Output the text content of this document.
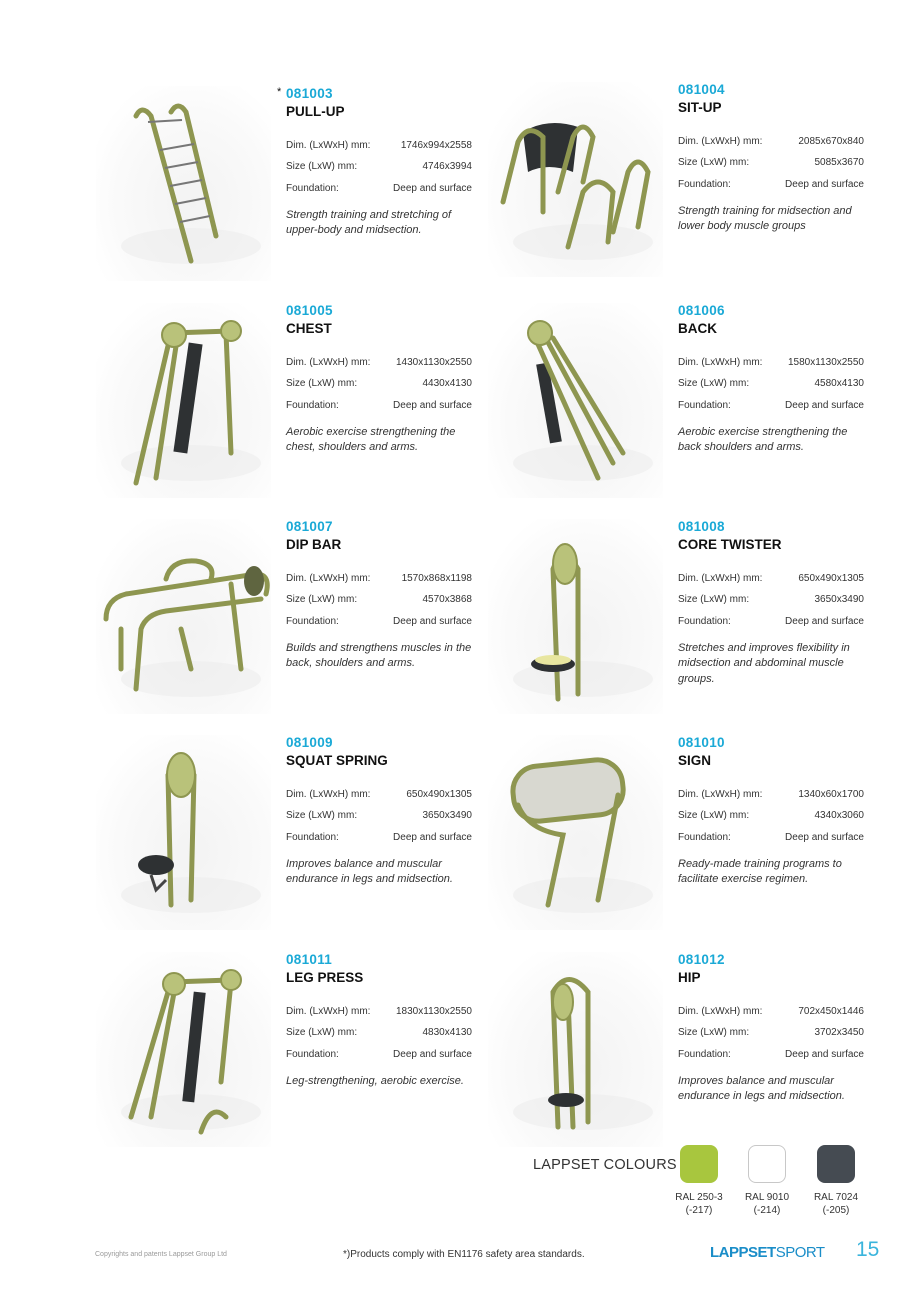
* 081003
PULL-UP
Dim. (LxWxH) mm:	1746x994x2558
Size (LxW) mm:	4746x3994
Foundation:	Deep and surface
Strength training and stretching of upper-body and midsection.
081004
SIT-UP
Dim. (LxWxH) mm:	2085x670x840
Size (LxW) mm:	5085x3670
Foundation:	Deep and surface
Strength training for midsection and lower body muscle groups
081005
CHEST
Dim. (LxWxH) mm:	1430x1130x2550
Size (LxW) mm:	4430x4130
Foundation:	Deep and surface
Aerobic exercise strengthening the chest, shoulders and arms.
081006
BACK
Dim. (LxWxH) mm:	1580x1130x2550
Size (LxW) mm:	4580x4130
Foundation:	Deep and surface
Aerobic exercise strengthening the back shoulders and arms.
081007
DIP BAR
Dim. (LxWxH) mm:	1570x868x1198
Size (LxW) mm:	4570x3868
Foundation:	Deep and surface
Builds and strengthens muscles in the back, shoulders and arms.
081008
CORE TWISTER
Dim. (LxWxH) mm:	650x490x1305
Size (LxW) mm:	3650x3490
Foundation:	Deep and surface
Stretches and improves flexibility in midsection and abdominal muscle groups.
081009
SQUAT SPRING
Dim. (LxWxH) mm:	650x490x1305
Size (LxW) mm:	3650x3490
Foundation:	Deep and surface
Improves balance and muscular endurance in legs and midsection.
081010
SIGN
Dim. (LxWxH) mm:	1340x60x1700
Size (LxW) mm:	4340x3060
Foundation:	Deep and surface
Ready-made training programs to facilitate exercise regimen.
081011
LEG PRESS
Dim. (LxWxH) mm:	1830x1130x2550
Size (LxW) mm:	4830x4130
Foundation:	Deep and surface
Leg-strengthening, aerobic exercise.
081012
HIP
Dim. (LxWxH) mm:	702x450x1446
Size (LxW) mm:	3702x3450
Foundation:	Deep and surface
Improves balance and muscular endurance in legs and midsection.
LAPPSET COLOURS
RAL 250-3
(-217)
RAL 9010
(-214)
RAL 7024
(-205)
Copyrights and patents Lappset Group Ltd	*)Products comply with EN1176 safety area standards.	LAPPSETSPORT 15
